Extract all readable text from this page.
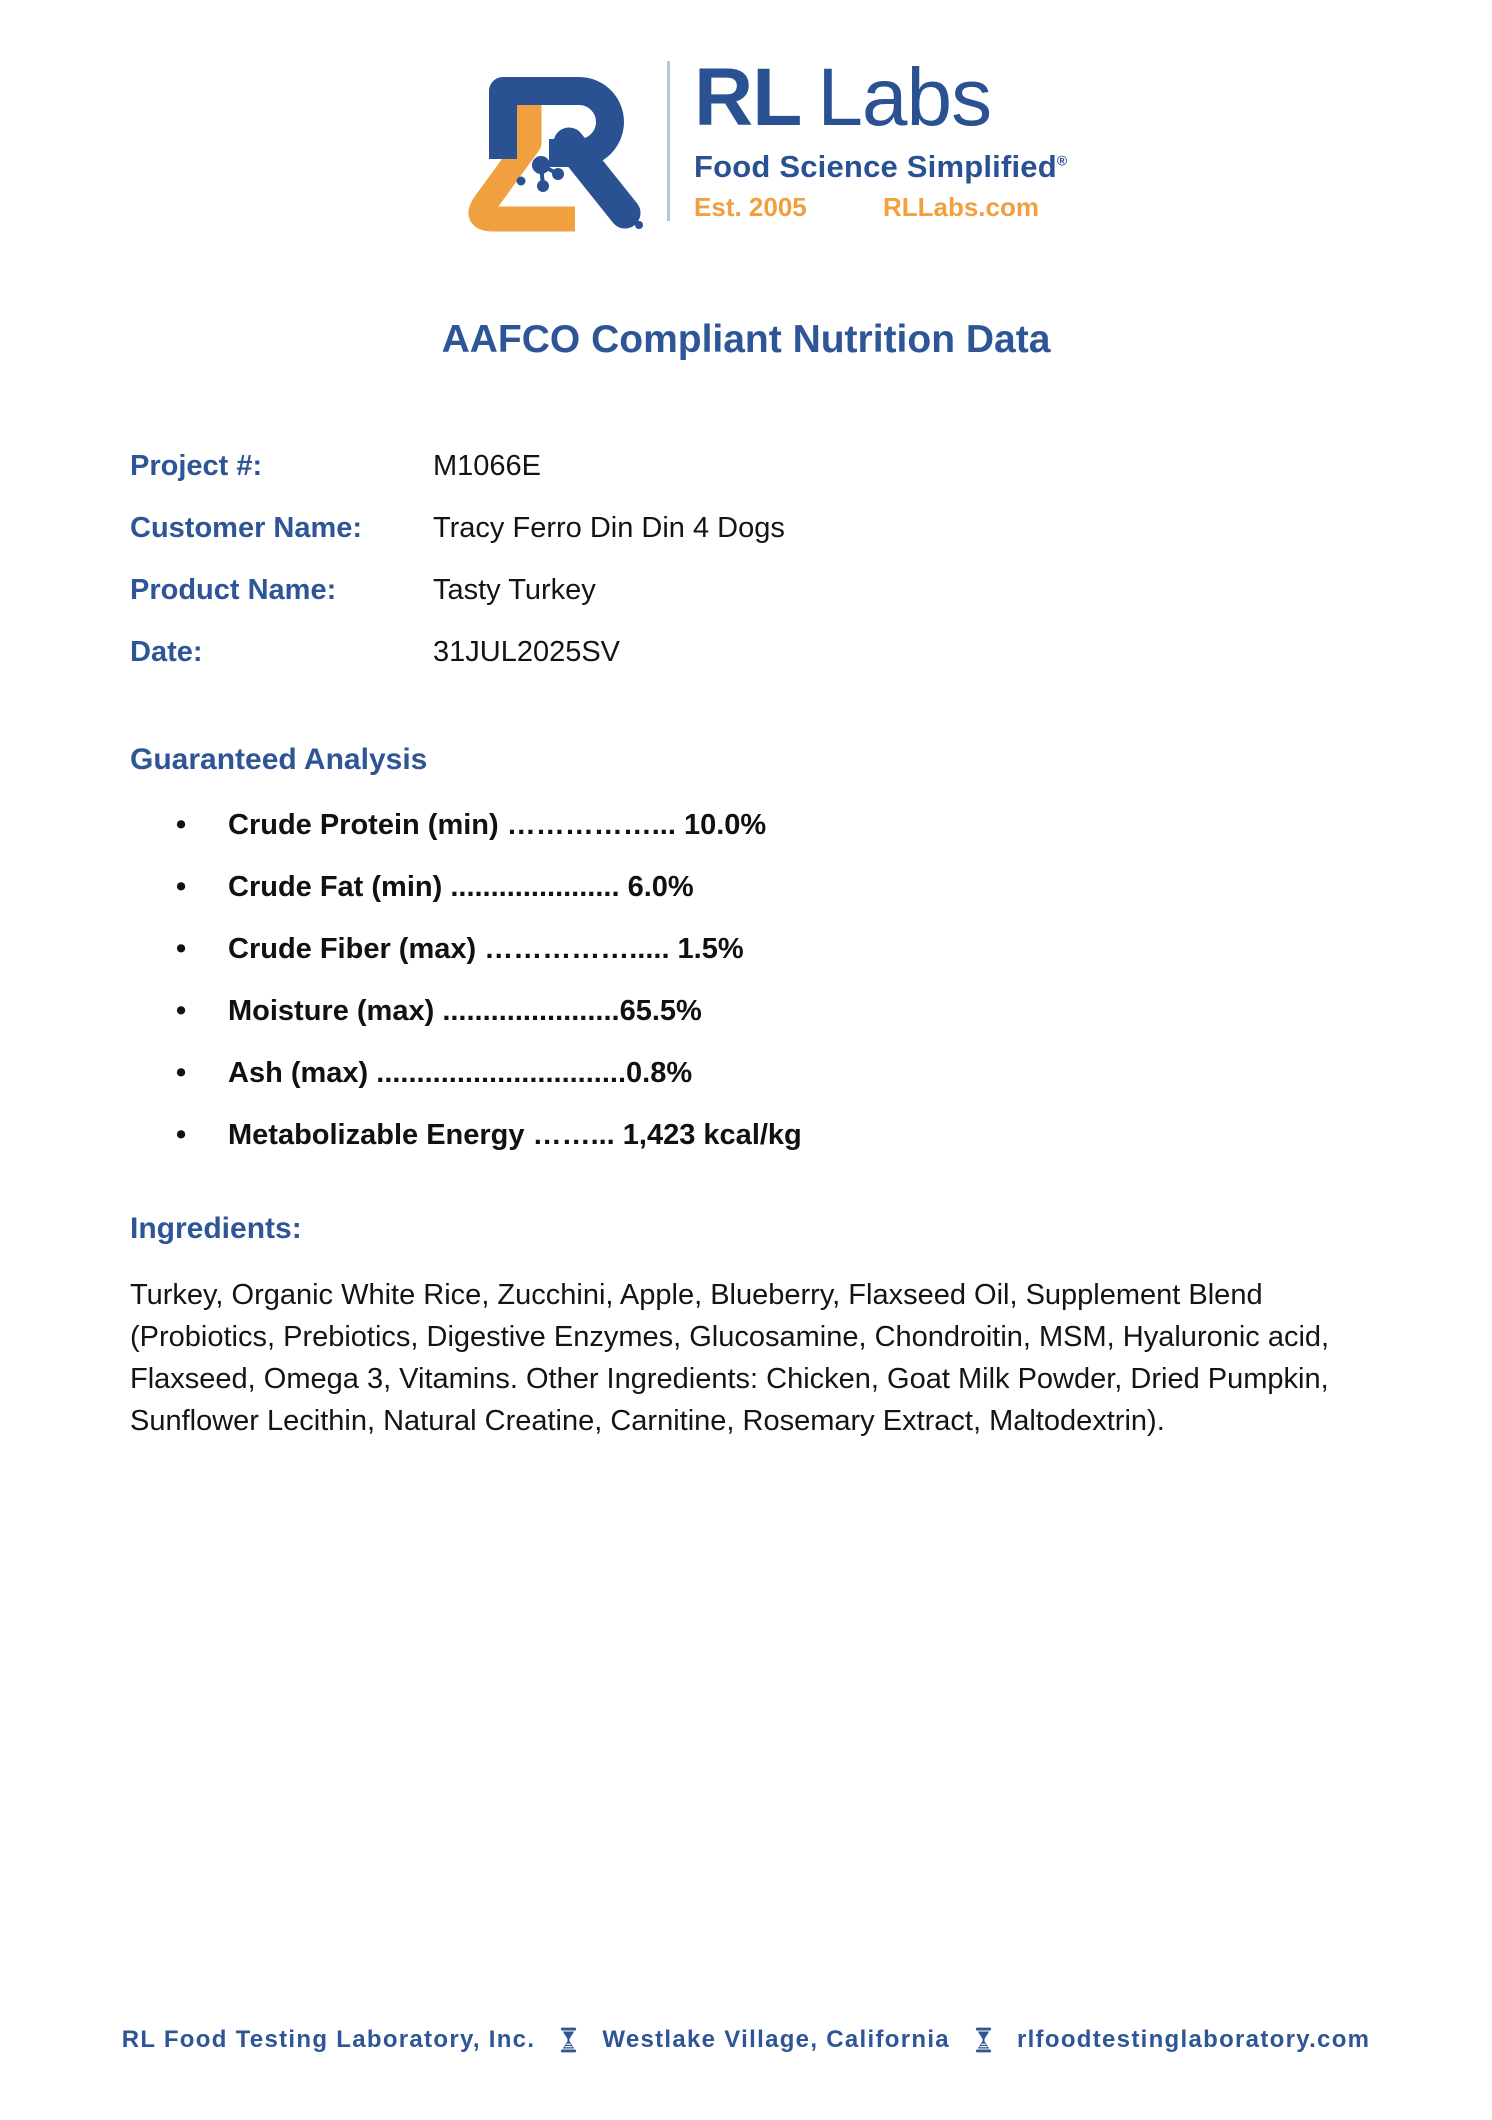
RL Labs
Food Science Simplified®
Est. 2005	RLLabs.com
AAFCO Compliant Nutrition Data
Project #:	M1066E
Customer Name:	Tracy Ferro Din Din 4 Dogs
Product Name:	Tasty Turkey
Date:	31JUL2025SV
Guaranteed Analysis
• Crude Protein (min) ……………... 10.0%
• Crude Fat (min) ..................... 6.0%
• Crude Fiber (max) ……………..... 1.5%
• Moisture (max) ......................65.5%
• Ash (max) ...............................0.8%
• Metabolizable Energy ……... 1,423 kcal/kg
Ingredients:

Turkey, Organic White Rice, Zucchini, Apple, Blueberry, Flaxseed Oil, Supplement Blend (Probiotics, Prebiotics, Digestive Enzymes, Glucosamine, Chondroitin, MSM, Hyaluronic acid, Flaxseed, Omega 3, Vitamins. Other Ingredients: Chicken, Goat Milk Powder, Dried Pumpkin, Sunflower Lecithin, Natural Creatine, Carnitine, Rosemary Extract, Maltodextrin).

RL Food Testing Laboratory, Inc.	Westlake Village, California	rlfoodtestinglaboratory.com
